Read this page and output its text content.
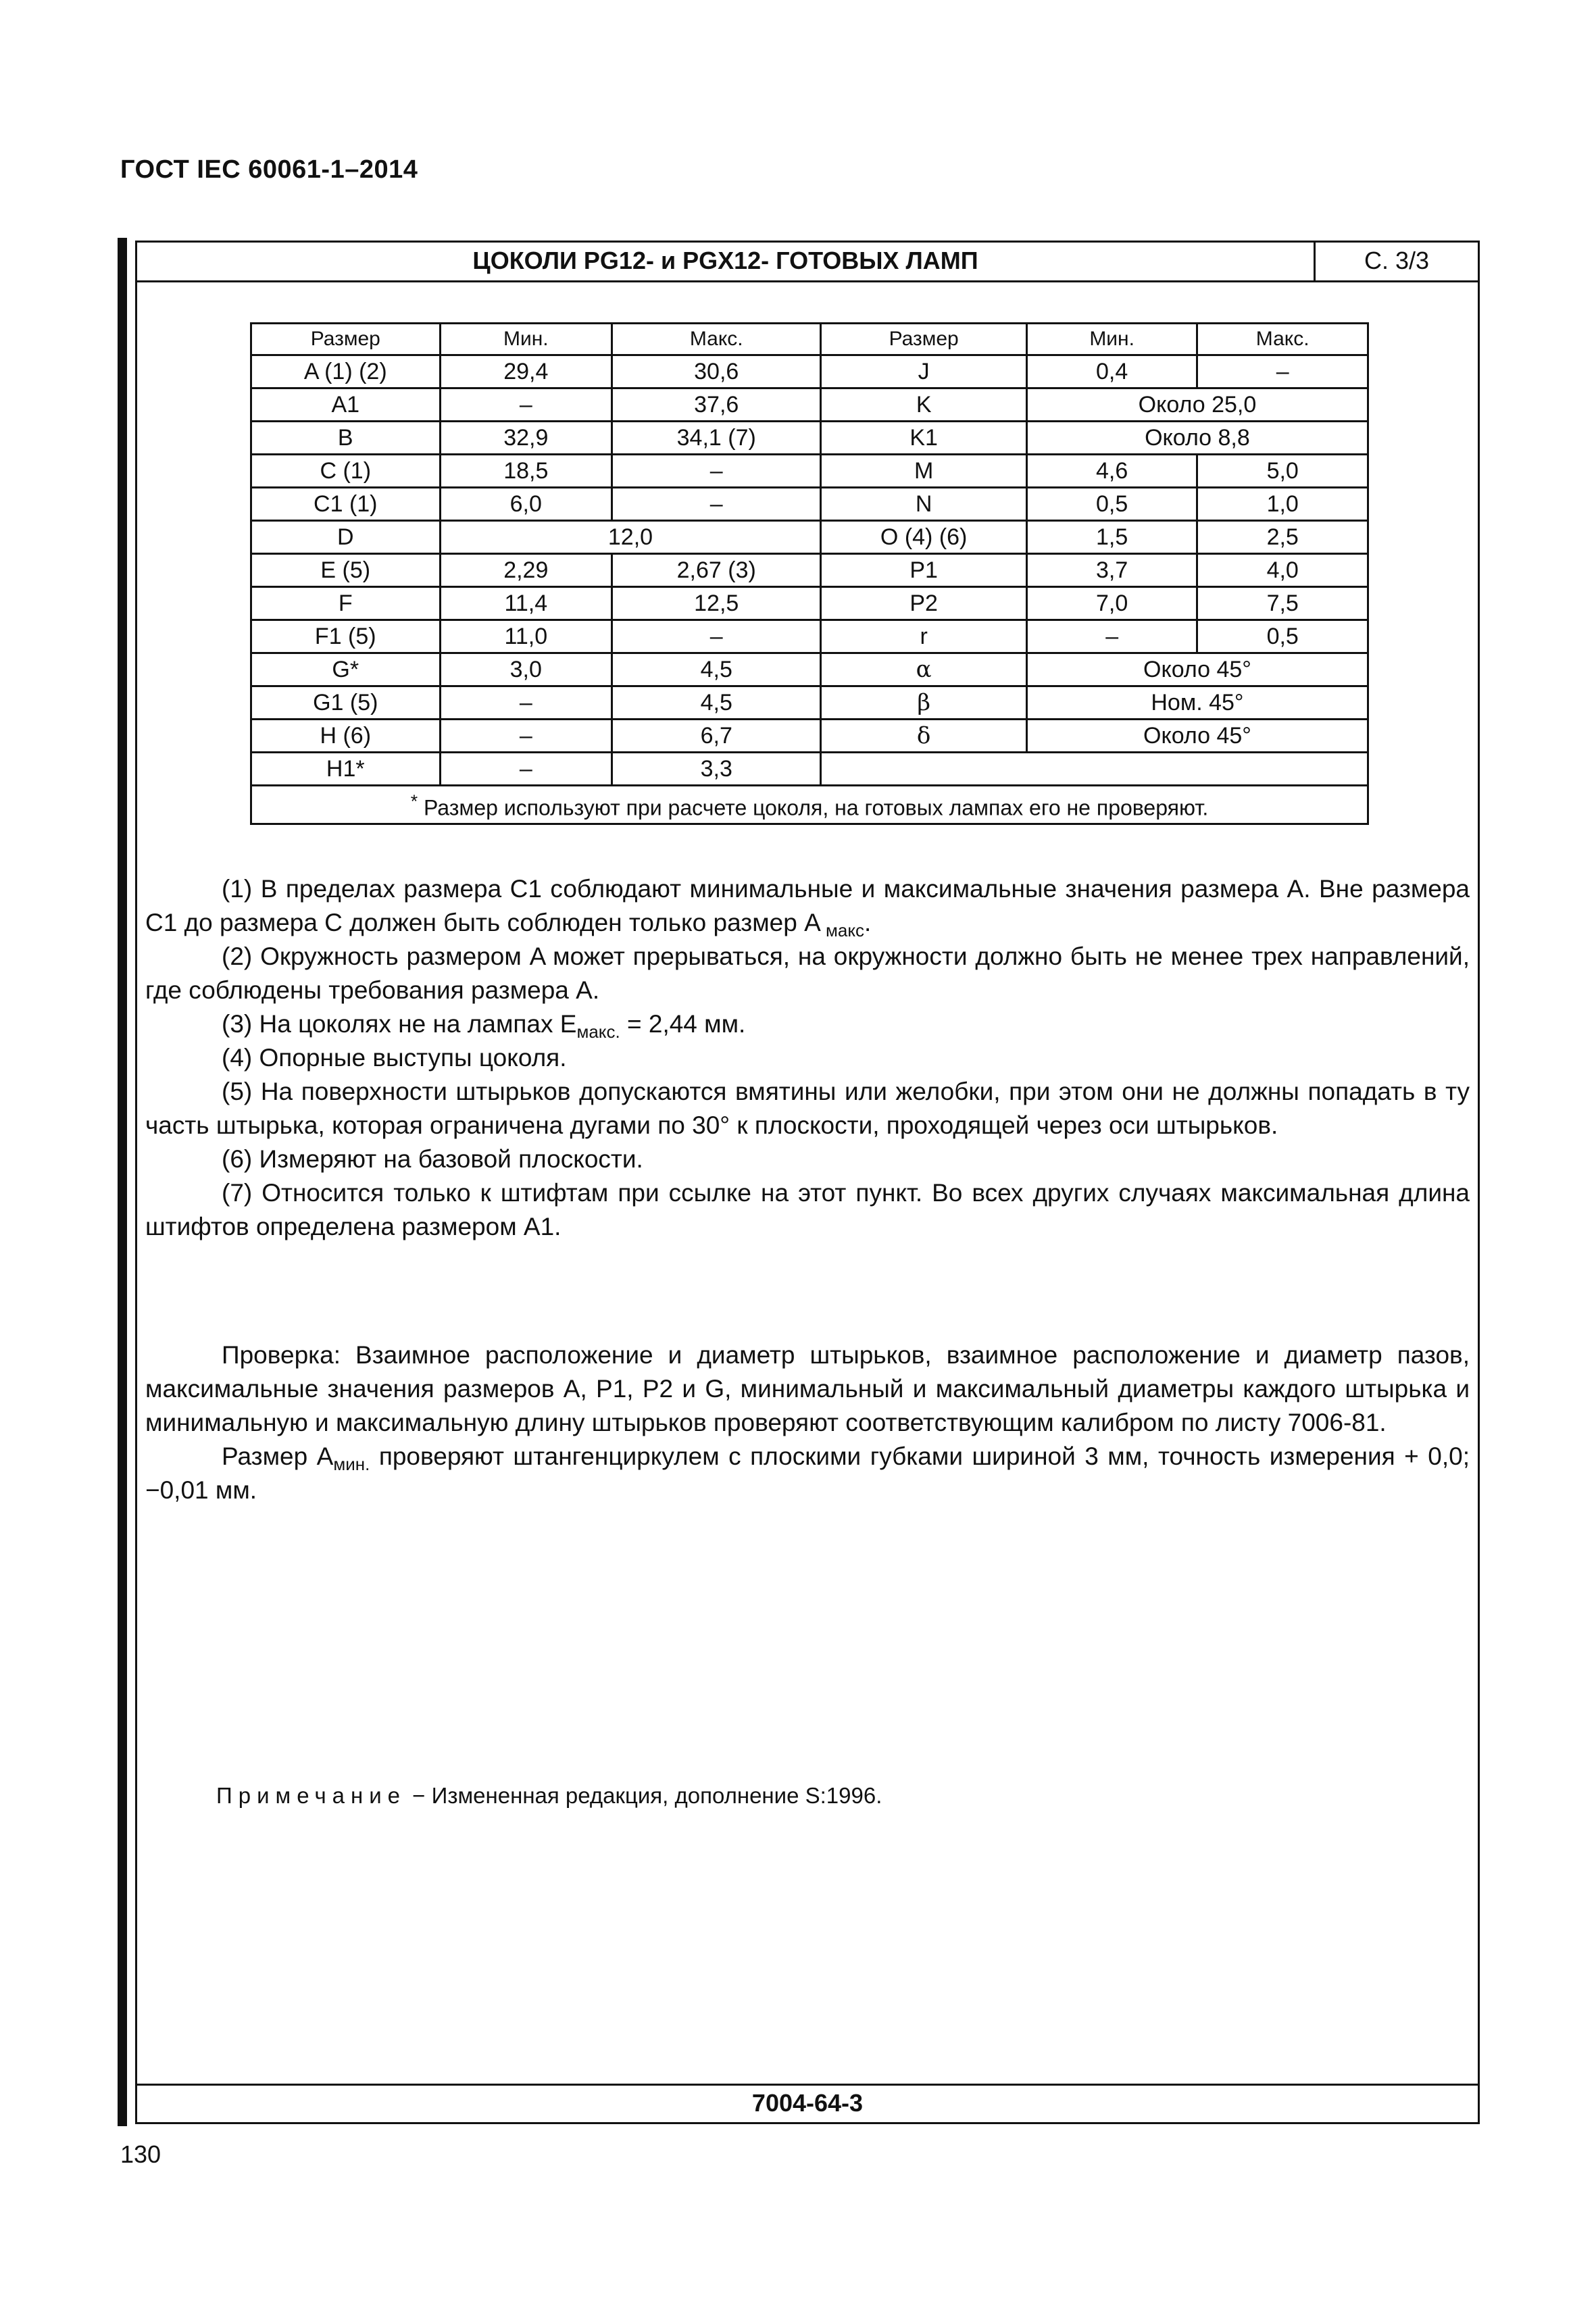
ГОСТ IEC 60061-1–2014
ЦОКОЛИ PG12- и PGX12- ГОТОВЫХ ЛАМП	С. 3/3
Размер	Мин.	Макс.	Размер	Мин.	Макс.
A (1) (2)	29,4	30,6	J	0,4	–
A1	–	37,6	K	Около 25,0	
B	32,9	34,1 (7)	K1	Около 8,8	
C (1)	18,5	–	M	4,6	5,0
C1 (1)	6,0	–	N	0,5	1,0
D	12,0		O (4) (6)	1,5	2,5
E (5)	2,29	2,67 (3)	P1	3,7	4,0
F	11,4	12,5	P2	7,0	7,5
F1 (5)	11,0	–	r	–	0,5
G*	3,0	4,5	α	Около 45°	
G1 (5)	–	4,5	β	Ном. 45°	
H (6)	–	6,7	δ	Около 45°	
H1*	–	3,3			
* Размер используют при расчете цоколя, на готовых лампах его не проверяют.					

(1) В пределах размера C1 соблюдают минимальные и максимальные значения размера A. Вне размера C1 до размера C должен быть соблюден только размер A $_{макс}$.

(2) Окружность размером A может прерываться, на окружности должно быть не менее трех направлений, где соблюдены требования размера A.

(3) На цоколях не на лампах $E_{макс.} = 2,44$ мм.

(4) Опорные выступы цоколя.

(5) На поверхности штырьков допускаются вмятины или желобки, при этом они не должны попадать в ту часть штырька, которая ограничена дугами по 30° к плоскости, проходящей через оси штырьков.

(6) Измеряют на базовой плоскости.

(7) Относится только к штифтам при ссылке на этот пункт. Во всех других случаях максимальная длина штифтов определена размером A1.

Проверка: Взаимное расположение и диаметр штырьков, взаимное расположение и диаметр пазов, максимальные значения размеров A, P1, P2 и G, минимальный и максимальный диаметры каждого штырька и минимальную и максимальную длину штырьков проверяют соответствующим калибром по листу 7006-81.

Размер $A_{мин.}$ проверяют штангенциркулем с плоскими губками шириной 3 мм, точность измерения + 0,0; −0,01 мм.

Примечание − Измененная редакция, дополнение S:1996.
7004-64-3
130
